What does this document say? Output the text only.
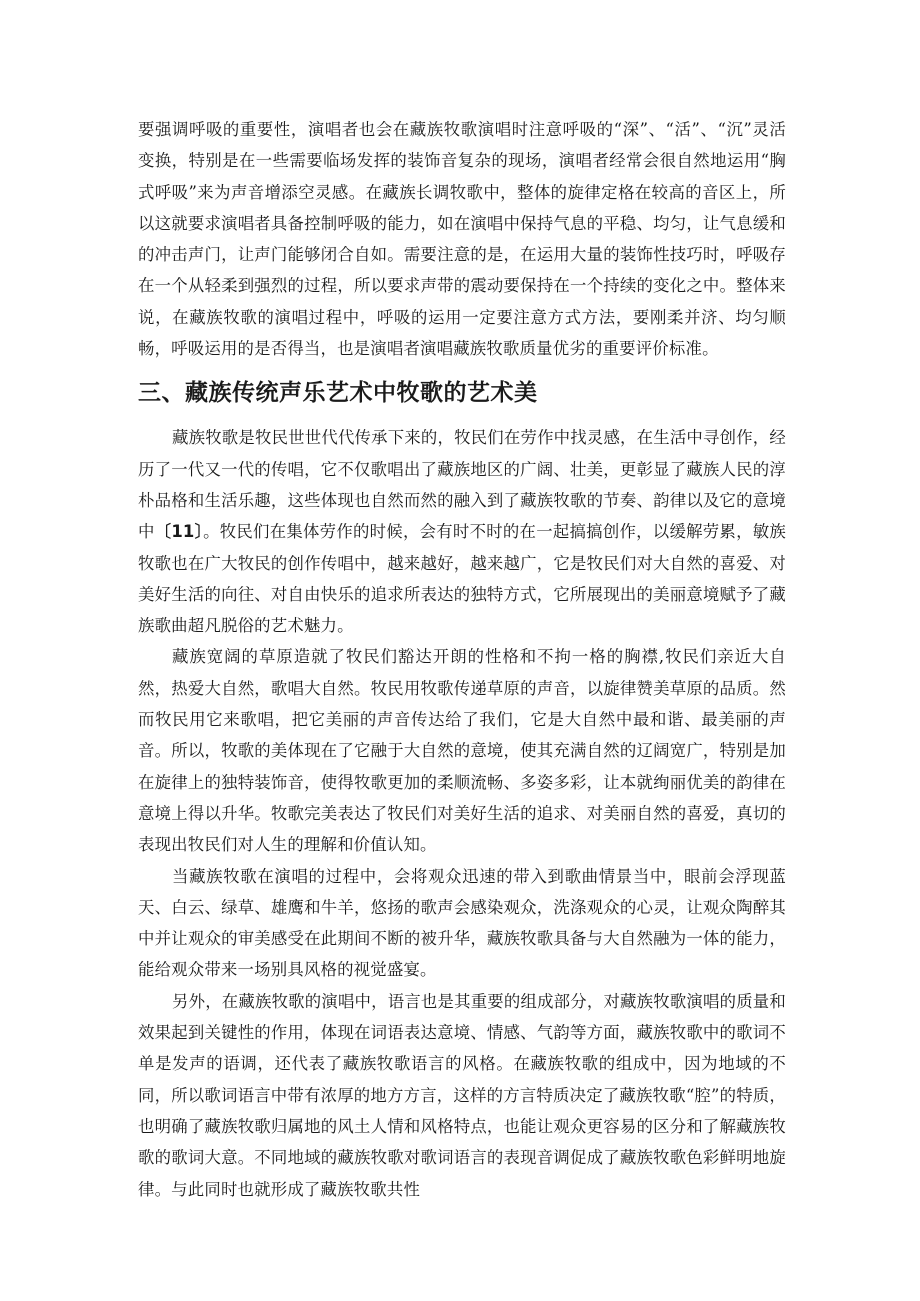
要强调呼吸的重要性，演唱者也会在藏族牧歌演唱时注意呼吸的“深”、“活”、“沉”灵活变换，特别是在一些需要临场发挥的装饰音复杂的现场，演唱者经常会很自然地运用“胸式呼吸”来为声音增添空灵感。在藏族长调牧歌中，整体的旋律定格在较高的音区上，所以这就要求演唱者具备控制呼吸的能力，如在演唱中保持气息的平稳、均匀，让气息缓和的冲击声门，让声门能够闭合自如。需要注意的是，在运用大量的装饰性技巧时，呼吸存在一个从轻柔到强烈的过程，所以要求声带的震动要保持在一个持续的变化之中。整体来说，在藏族牧歌的演唱过程中，呼吸的运用一定要注意方式方法，要刚柔并济、均匀顺畅，呼吸运用的是否得当，也是演唱者演唱藏族牧歌质量优劣的重要评价标准。

三、藏族传统声乐艺术中牧歌的艺术美

藏族牧歌是牧民世世代代传承下来的，牧民们在劳作中找灵感，在生活中寻创作，经历了一代又一代的传唱，它不仅歌唱出了藏族地区的广阔、壮美，更彰显了藏族人民的淳朴品格和生活乐趣，这些体现也自然而然的融入到了藏族牧歌的节奏、韵律以及它的意境中〔11〕。牧民们在集体劳作的时候，会有时不时的在一起搞搞创作，以缓解劳累，敏族牧歌也在广大牧民的创作传唱中，越来越好，越来越广，它是牧民们对大自然的喜爱、对美好生活的向往、对自由快乐的追求所表达的独特方式，它所展现出的美丽意境赋予了藏族歌曲超凡脱俗的艺术魅力。

藏族宽阔的草原造就了牧民们豁达开朗的性格和不拘一格的胸襟,牧民们亲近大自然，热爱大自然，歌唱大自然。牧民用牧歌传递草原的声音，以旋律赞美草原的品质。然而牧民用它来歌唱，把它美丽的声音传达给了我们，它是大自然中最和谐、最美丽的声音。所以，牧歌的美体现在了它融于大自然的意境，使其充满自然的辽阔宽广，特别是加在旋律上的独特装饰音，使得牧歌更加的柔顺流畅、多姿多彩，让本就绚丽优美的韵律在意境上得以升华。牧歌完美表达了牧民们对美好生活的追求、对美丽自然的喜爱，真切的表现出牧民们对人生的理解和价值认知。

当藏族牧歌在演唱的过程中，会将观众迅速的带入到歌曲情景当中，眼前会浮现蓝天、白云、绿草、雄鹰和牛羊，悠扬的歌声会感染观众，洗涤观众的心灵，让观众陶醉其中并让观众的审美感受在此期间不断的被升华，藏族牧歌具备与大自然融为一体的能力，能给观众带来一场别具风格的视觉盛宴。

另外，在藏族牧歌的演唱中，语言也是其重要的组成部分，对藏族牧歌演唱的质量和效果起到关键性的作用，体现在词语表达意境、情感、气韵等方面，藏族牧歌中的歌词不单是发声的语调，还代表了藏族牧歌语言的风格。在藏族牧歌的组成中，因为地域的不同，所以歌词语言中带有浓厚的地方方言，这样的方言特质决定了藏族牧歌“腔”的特质，也明确了藏族牧歌归属地的风土人情和风格特点，也能让观众更容易的区分和了解藏族牧歌的歌词大意。不同地域的藏族牧歌对歌词语言的表现音调促成了藏族牧歌色彩鲜明地旋律。与此同时也就形成了藏族牧歌共性
